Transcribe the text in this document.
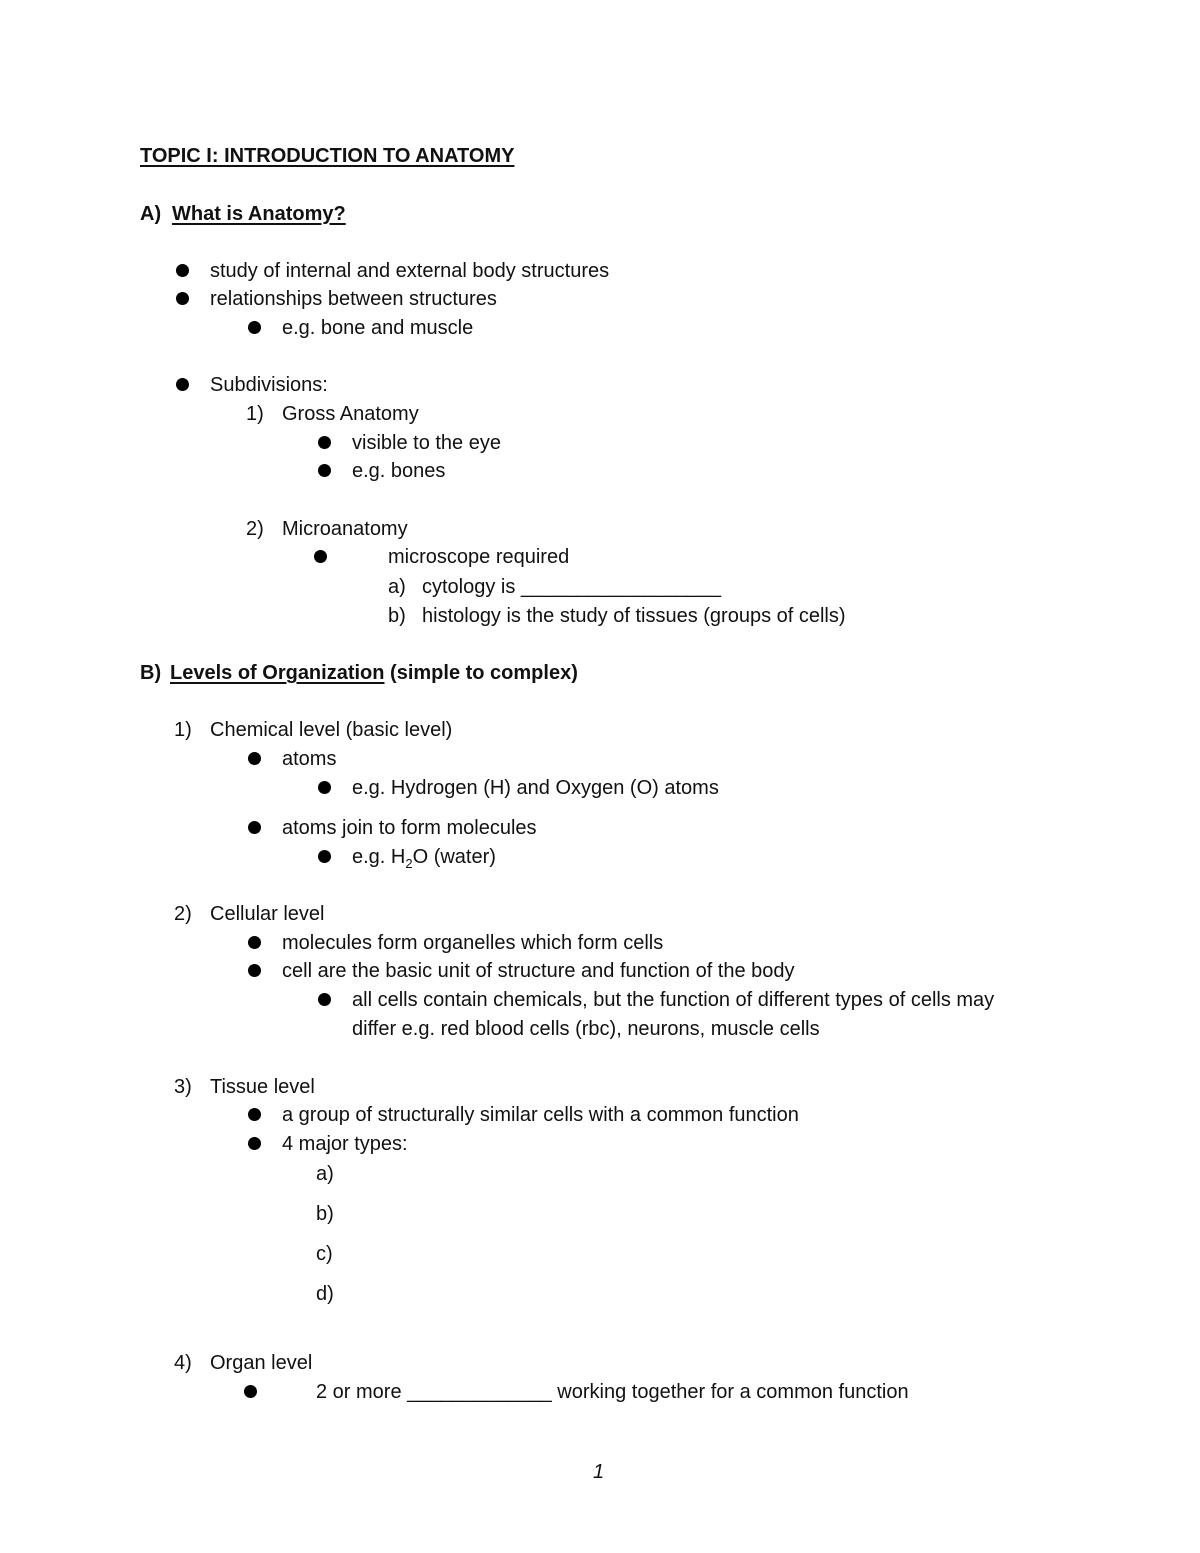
TOPIC I: INTRODUCTION TO ANATOMY
A) What is Anatomy?
study of internal and external body structures
relationships between structures
e.g. bone and muscle
Subdivisions:
1) Gross Anatomy
visible to the eye
e.g. bones
2) Microanatomy
microscope required
a) cytology is __________________
b) histology is the study of tissues (groups of cells)
B) Levels of Organization (simple to complex)
1) Chemical level (basic level)
atoms
e.g. Hydrogen (H) and Oxygen (O) atoms
atoms join to form molecules
e.g. $H_2O$ (water)
2) Cellular level
molecules form organelles which form cells
cell are the basic unit of structure and function of the body
all cells contain chemicals, but the function of different types of cells may
differ e.g. red blood cells (rbc), neurons, muscle cells
3) Tissue level
a group of structurally similar cells with a common function
4 major types:
a)
b)
c)
d)
4) Organ level
2 or more _____________ working together for a common function
1
